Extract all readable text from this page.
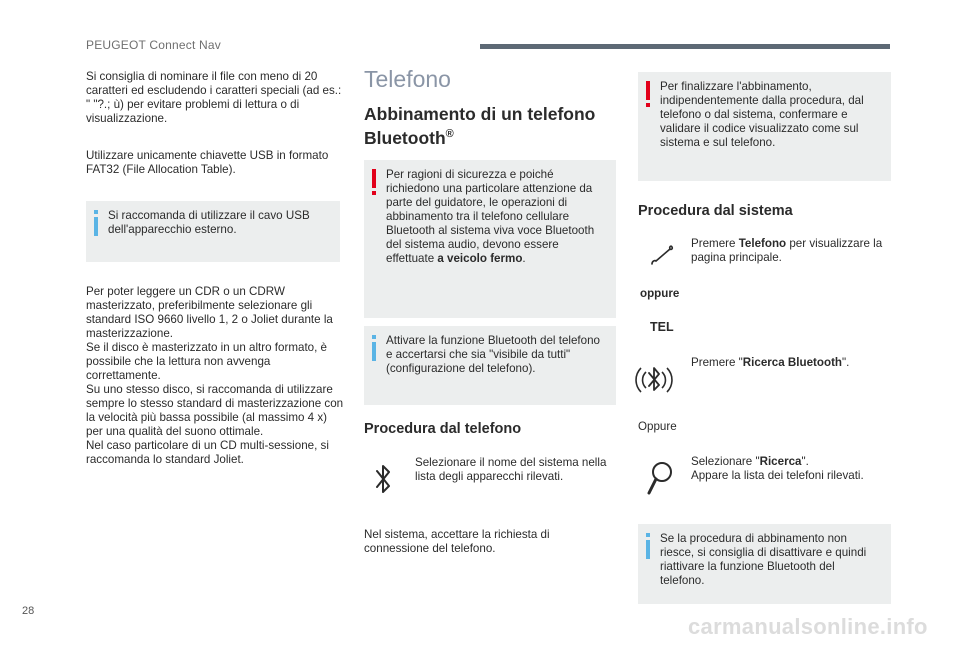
PEUGEOT Connect Nav

Si consiglia di nominare il file con meno di 20 caratteri ed escludendo i caratteri speciali (ad es.: " "?.; ù) per evitare problemi di lettura o di visualizzazione.

Utilizzare unicamente chiavette USB in formato FAT32 (File Allocation Table).

Si raccomanda di utilizzare il cavo USB dell'apparecchio esterno.

Per poter leggere un CDR o un CDRW masterizzato, preferibilmente selezionare gli standard ISO 9660 livello 1, 2 o Joliet durante la masterizzazione.
Se il disco è masterizzato in un altro formato, è possibile che la lettura non avvenga correttamente.
Su uno stesso disco, si raccomanda di utilizzare sempre lo stesso standard di masterizzazione con la velocità più bassa possibile (al massimo 4 x) per una qualità del suono ottimale.
Nel caso particolare di un CD multi-sessione, si raccomanda lo standard Joliet.

Telefono
Abbinamento di un telefono Bluetooth®

Per ragioni di sicurezza e poiché richiedono una particolare attenzione da parte del guidatore, le operazioni di abbinamento tra il telefono cellulare Bluetooth al sistema viva voce Bluetooth del sistema audio, devono essere effettuate a veicolo fermo.

Attivare la funzione Bluetooth del telefono e accertarsi che sia "visibile da tutti" (configurazione del telefono).

Procedura dal telefono
Selezionare il nome del sistema nella lista degli apparecchi rilevati.
Nel sistema, accettare la richiesta di connessione del telefono.

Per finalizzare l'abbinamento, indipendentemente dalla procedura, dal telefono o dal sistema, confermare e validare il codice visualizzato come sul sistema e sul telefono.

Procedura dal sistema
Premere Telefono per visualizzare la pagina principale.
oppure
TEL
Premere "Ricerca Bluetooth".
Oppure
Selezionare "Ricerca".
Appare la lista dei telefoni rilevati.

Se la procedura di abbinamento non riesce, si consiglia di disattivare e quindi riattivare la funzione Bluetooth del telefono.

28
carmanualsonline.info
